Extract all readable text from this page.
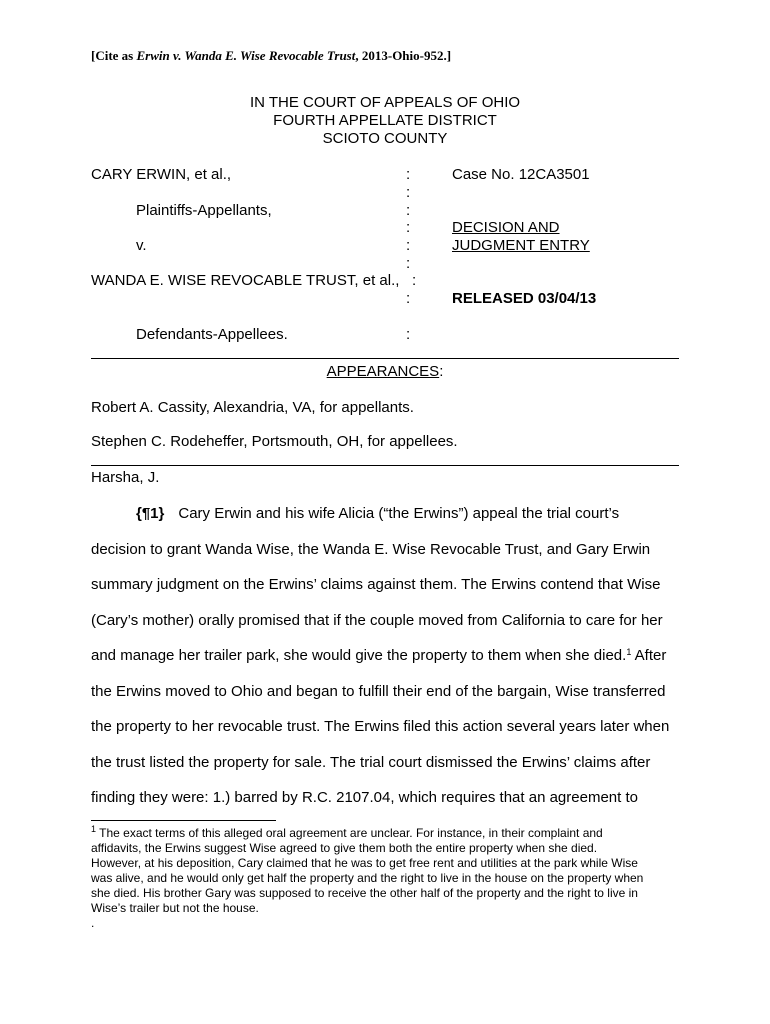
[Cite as Erwin v. Wanda E. Wise Revocable Trust, 2013-Ohio-952.]
IN THE COURT OF APPEALS OF OHIO
FOURTH APPELLATE DISTRICT
SCIOTO COUNTY
CARY ERWIN, et al.,
Plaintiffs-Appellants,
v.
WANDA E. WISE REVOCABLE TRUST, et al.,
Defendants-Appellees.
:
:
:
:
:
:
:
:
:
Case No. 12CA3501
DECISION AND
JUDGMENT ENTRY
RELEASED 03/04/13
APPEARANCES:
Robert A. Cassity, Alexandria, VA, for appellants.
Stephen C. Rodeheffer, Portsmouth, OH, for appellees.
Harsha, J.
{¶1} Cary Erwin and his wife Alicia (“the Erwins”) appeal the trial court’s
decision to grant Wanda Wise, the Wanda E. Wise Revocable Trust, and Gary Erwin
summary judgment on the Erwins’ claims against them. The Erwins contend that Wise
(Cary’s mother) orally promised that if the couple moved from California to care for her
and manage her trailer park, she would give the property to them when she died.$^1$ After
the Erwins moved to Ohio and began to fulfill their end of the bargain, Wise transferred
the property to her revocable trust. The Erwins filed this action several years later when
the trust listed the property for sale. The trial court dismissed the Erwins’ claims after
finding they were: 1.) barred by R.C. 2107.04, which requires that an agreement to
$^1$ The exact terms of this alleged oral agreement are unclear. For instance, in their complaint and
affidavits, the Erwins suggest Wise agreed to give them both the entire property when she died.
However, at his deposition, Cary claimed that he was to get free rent and utilities at the park while Wise
was alive, and he would only get half the property and the right to live in the house on the property when
she died. His brother Gary was supposed to receive the other half of the property and the right to live in
Wise’s trailer but not the house.
.
